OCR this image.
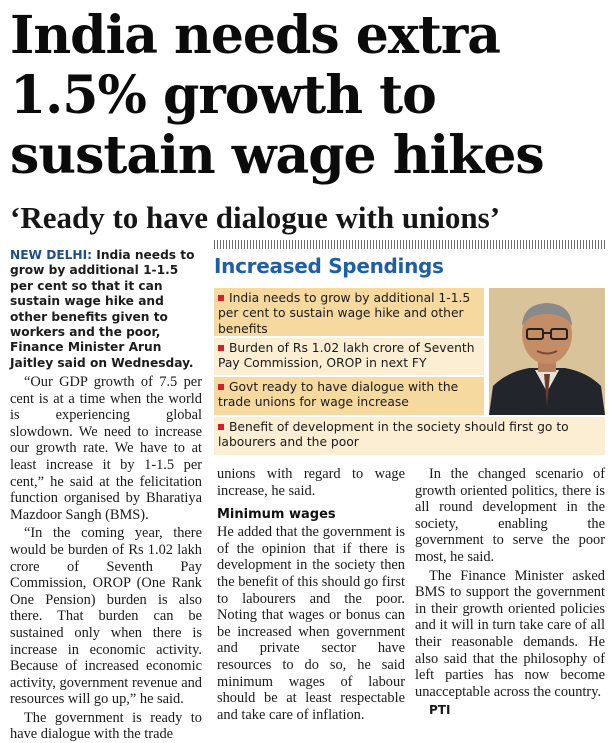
India needs extra 1.5% growth to sustain wage hikes
‘Ready to have dialogue with unions’
NEW DELHI: India needs to grow by additional 1-1.5 per cent so that it can sustain wage hike and other benefits given to workers and the poor, Finance Minister Arun Jaitley said on Wednesday.

“Our GDP growth of 7.5 per cent is at a time when the world is experiencing global slowdown. We need to increase our growth rate. We have to at least increase it by 1-1.5 per cent,” he said at the felicitation function organised by Bharatiya Mazdoor Sangh (BMS).

“In the coming year, there would be burden of Rs 1.02 lakh crore of Seventh Pay Commission, OROP (One Rank One Pension) burden is also there. That burden can be sustained only when there is increase in economic activity. Because of increased economic activity, government revenue and resources will go up,” he said.

The government is ready to have dialogue with the trade

Increased Spendings
India needs to grow by additional 1-1.5 per cent to sustain wage hike and other benefits
Burden of Rs 1.02 lakh crore of Seventh Pay Commission, OROP in next FY
Govt ready to have dialogue with the trade unions for wage increase
Benefit of development in the society should first go to labourers and the poor

unions with regard to wage increase, he said.

Minimum wages

He added that the government is of the opinion that if there is development in the society then the benefit of this should go first to labourers and the poor. Noting that wages or bonus can be increased when government and private sector have resources to do so, he said minimum wages of labour should be at least respectable and take care of inflation.

In the changed scenario of growth oriented politics, there is all round development in the society, enabling the government to serve the poor most, he said.

The Finance Minister asked BMS to support the government in their growth oriented policies and it will in turn take care of all their reasonable demands. He also said that the philosophy of left parties has now become unacceptable across the country.

PTI
